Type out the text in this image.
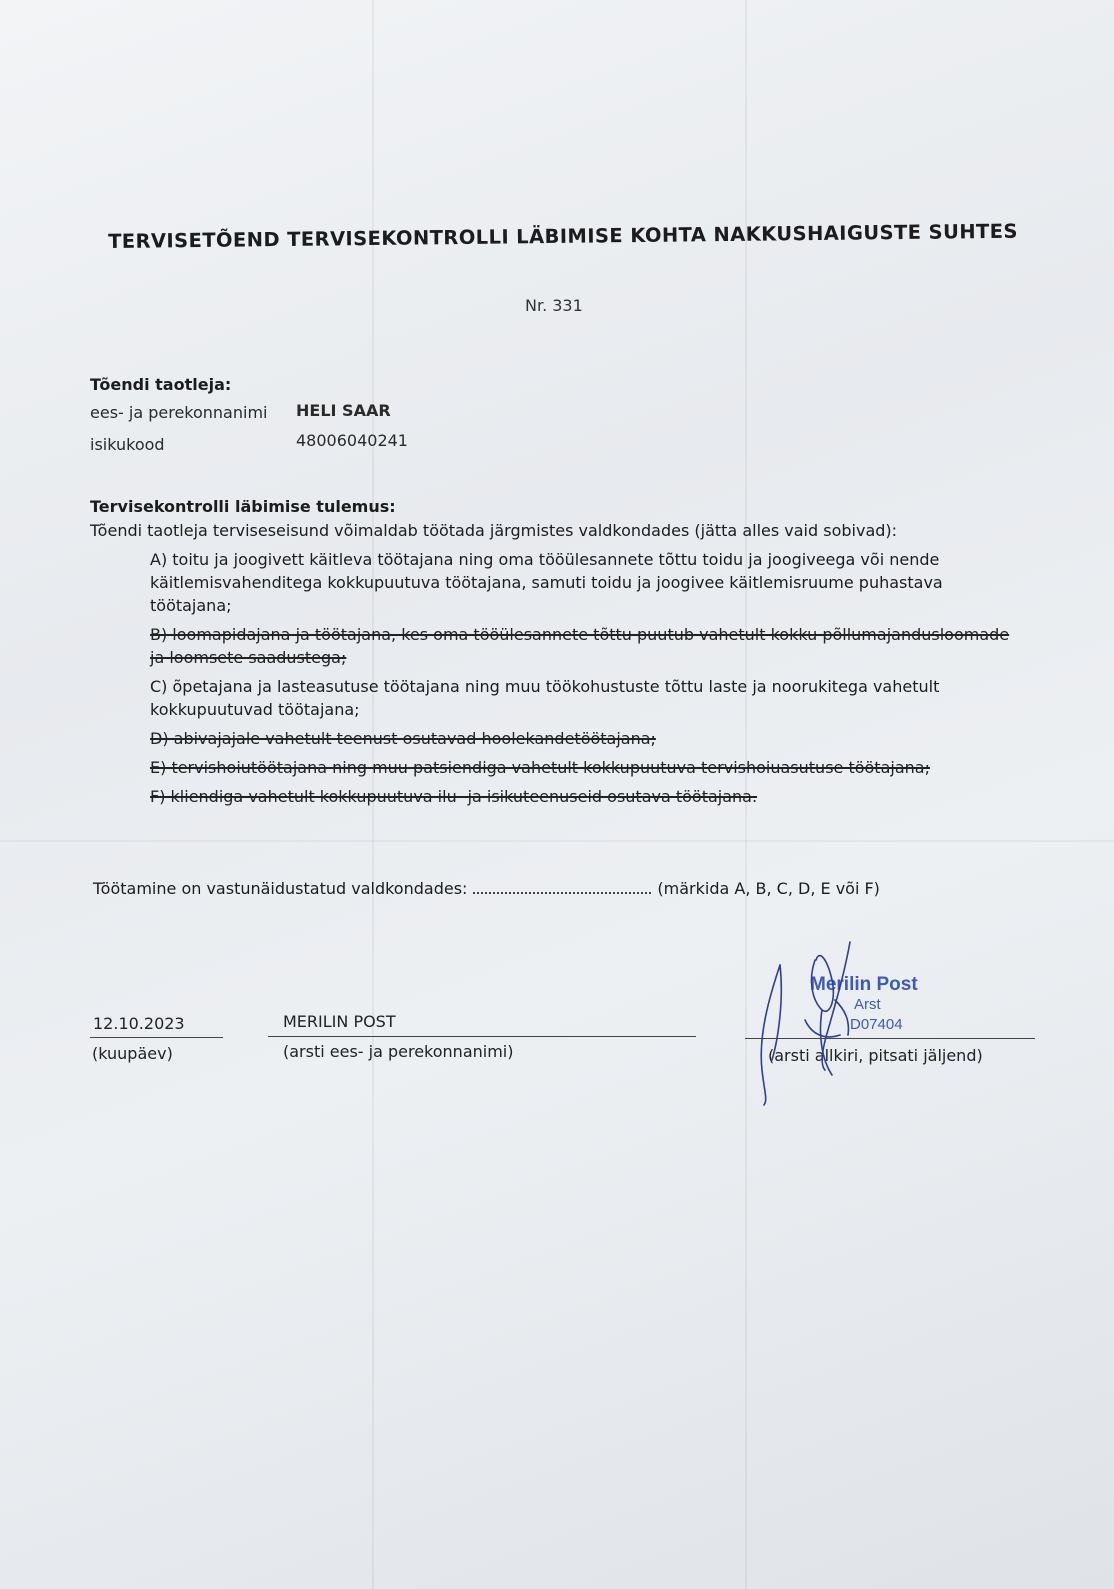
TERVISETÕEND TERVISEKONTROLLI LÄBIMISE KOHTA NAKKUSHAIGUSTE SUHTES
Nr. 331
Tõendi taotleja:
ees- ja perekonnanimi HELI SAAR
isikukood	48006040241
Tervisekontrolli läbimise tulemus:
Tõendi taotleja terviseseisund võimaldab töötada järgmistes valdkondades (jätta alles vaid sobivad):
A) toitu ja joogivett käitleva töötajana ning oma tööülesannete tõttu toidu ja joogiveega või nende käitlemisvahenditega kokkupuutuva töötajana, samuti toidu ja joogivee käitlemisruume puhastava töötajana;
B) loomapidajana ja töötajana, kes oma tööülesannete tõttu puutub vahetult kokku põllumajandusloomade ja loomsete saadustega;
C) õpetajana ja lasteasutuse töötajana ning muu töökohustuste tõttu laste ja noorukitega vahetult kokkupuutuvad töötajana;
D) abivajajale vahetult teenust osutavad hoolekandetöötajana;
E) tervishoiutöötajana ning muu patsiendiga vahetult kokkupuutuva tervishoiuasutuse töötajana;
F) kliendiga vahetult kokkupuutuva ilu- ja isikuteenuseid osutava töötajana.
Töötamine on vastunäidustatud valdkondades:	(märkida A, B, C, D, E või F)
12.10.2023
(kuupäev)
MERILIN POST
(arsti ees- ja perekonnanimi)	(arsti allkiri, pitsati jäljend)
Merilin Post
Arst
D07404
